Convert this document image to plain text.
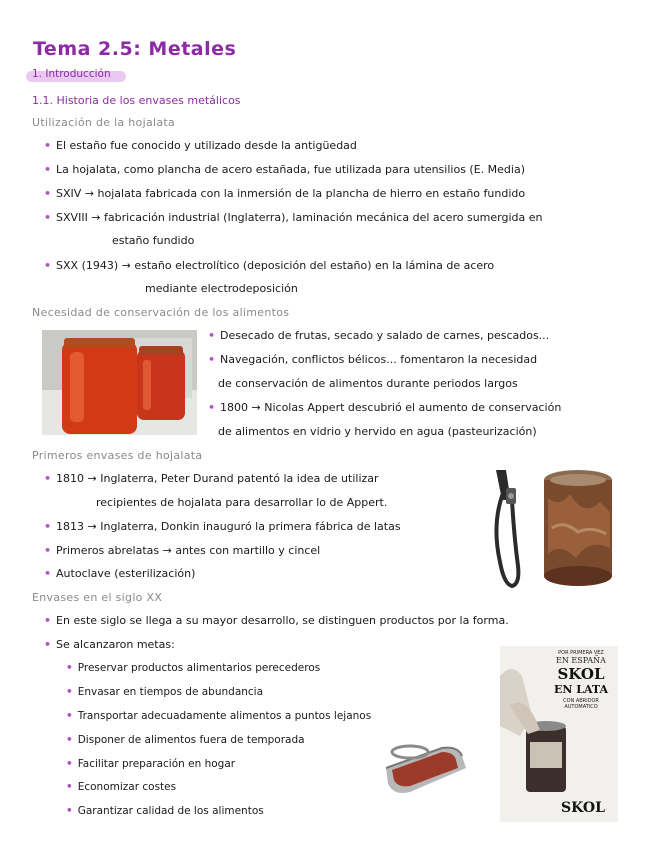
Tema 2.5: Metales
1. Introducción
1.1. Historia de los envases metálicos
Utilización de la hojalata
• El estaño fue conocido y utilizado desde la antigüedad
• La hojalata, como plancha de acero estañada, fue utilizada para utensilios (E. Media)
• SXIV → hojalata fabricada con la inmersión de la plancha de hierro en estaño fundido
• SXVIII → fabricación industrial (Inglaterra), laminación mecánica del acero sumergida en
estaño fundido
• SXX (1943) → estaño electrolítico (deposición del estaño) en la lámina de acero
mediante electrodeposición
Necesidad de conservación de los alimentos
• Desecado de frutas, secado y salado de carnes, pescados...
• Navegación, conflictos bélicos... fomentaron la necesidad
de conservación de alimentos durante periodos largos
• 1800 → Nicolas Appert descubrió el aumento de conservación
de alimentos en vidrio y hervido en agua (pasteurización)
Primeros envases de hojalata
• 1810 → Inglaterra, Peter Durand patentó la idea de utilizar
recipientes de hojalata para desarrollar lo de Appert.
• 1813 → Inglaterra, Donkin inauguró la primera fábrica de latas
• Primeros abrelatas → antes con martillo y cincel
• Autoclave (esterilización)
Envases en el siglo XX
• En este siglo se llega a su mayor desarrollo, se distinguen productos por la forma.
• Se alcanzaron metas:
• Preservar productos alimentarios perecederos
• Envasar en tiempos de abundancia
• Transportar adecuadamente alimentos a puntos lejanos
• Disponer de alimentos fuera de temporada
• Facilitar preparación en hogar
• Economizar costes
• Garantizar calidad de los alimentos
POR PRIMERA VEZ
EN ESPAÑA
SKOL
EN LATA
CON ABRIDOR AUTOMATICO
SKOL
